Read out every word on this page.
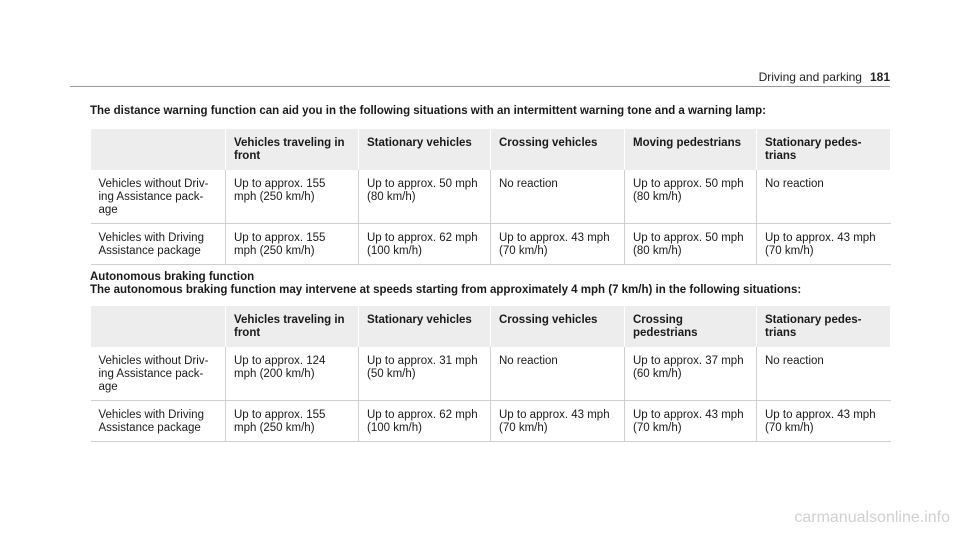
Driving and parking 181
The distance warning function can aid you in the following situations with an intermittent warning tone and a warning lamp:
	Vehicles traveling in front	Stationary vehicles	Crossing vehicles	Moving pedestrians	Stationary pedes-trians
Vehicles without Driv-ing Assistance pack-age	Up to approx. 155 mph (250 km/h)	Up to approx. 50 mph (80 km/h)	No reaction	Up to approx. 50 mph (80 km/h)	No reaction
Vehicles with Driving Assistance package	Up to approx. 155 mph (250 km/h)	Up to approx. 62 mph (100 km/h)	Up to approx. 43 mph (70 km/h)	Up to approx. 50 mph (80 km/h)	Up to approx. 43 mph (70 km/h)
Autonomous braking function
The autonomous braking function may intervene at speeds starting from approximately 4 mph (7 km/h) in the following situations:
	Vehicles traveling in front	Stationary vehicles	Crossing vehicles	Crossing pedestrians	Stationary pedes-trians
Vehicles without Driv-ing Assistance pack-age	Up to approx. 124 mph (200 km/h)	Up to approx. 31 mph (50 km/h)	No reaction	Up to approx. 37 mph (60 km/h)	No reaction
Vehicles with Driving Assistance package	Up to approx. 155 mph (250 km/h)	Up to approx. 62 mph (100 km/h)	Up to approx. 43 mph (70 km/h)	Up to approx. 43 mph (70 km/h)	Up to approx. 43 mph (70 km/h)
carmanualsonline.info
